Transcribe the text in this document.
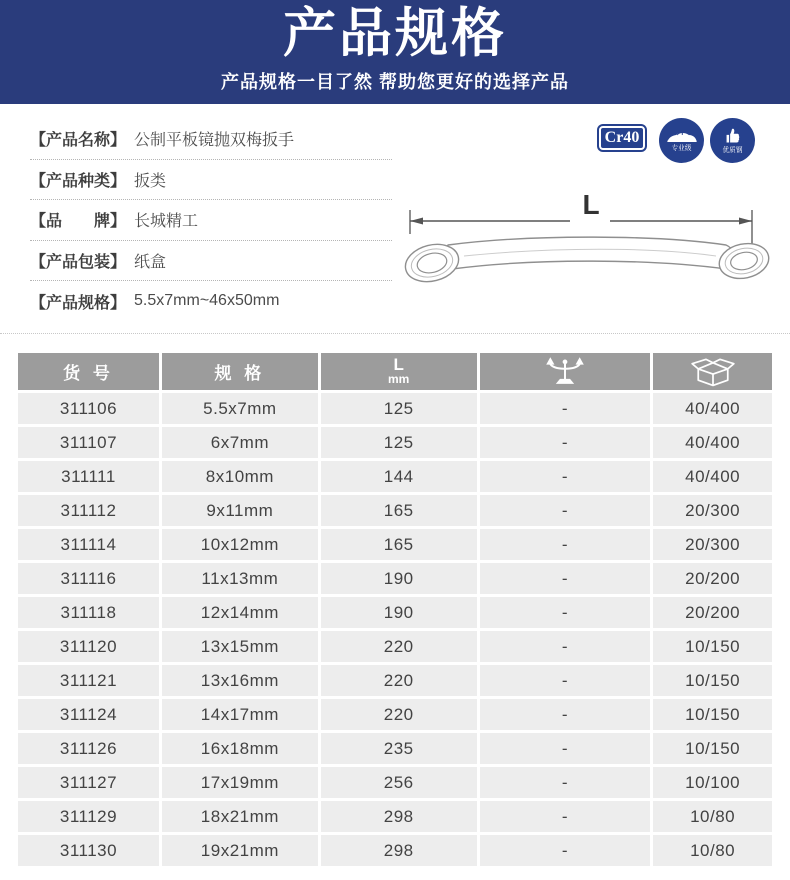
产品规格
产品规格一目了然 帮助您更好的选择产品
【产品名称】 公制平板镜抛双梅扳手
【产品种类】 扳类
【品　　牌】 长城精工
【产品包装】 纸盒
【产品规格】 5.5x7mm~46x50mm
Cr40
专业级	优质钢
L
货 号	规 格	L
mm

311106	5.5x7mm	125	-	40/400
311107	6x7mm	125	-	40/400
311111	8x10mm	144	-	40/400
311112	9x11mm	165	-	20/300
311114	10x12mm	165	-	20/300
311116	11x13mm	190	-	20/200
311118	12x14mm	190	-	20/200
311120	13x15mm	220	-	10/150
311121	13x16mm	220	-	10/150
311124	14x17mm	220	-	10/150
311126	16x18mm	235	-	10/150
311127	17x19mm	256	-	10/100
311129	18x21mm	298	-	10/80
311130	19x21mm	298	-	10/80
